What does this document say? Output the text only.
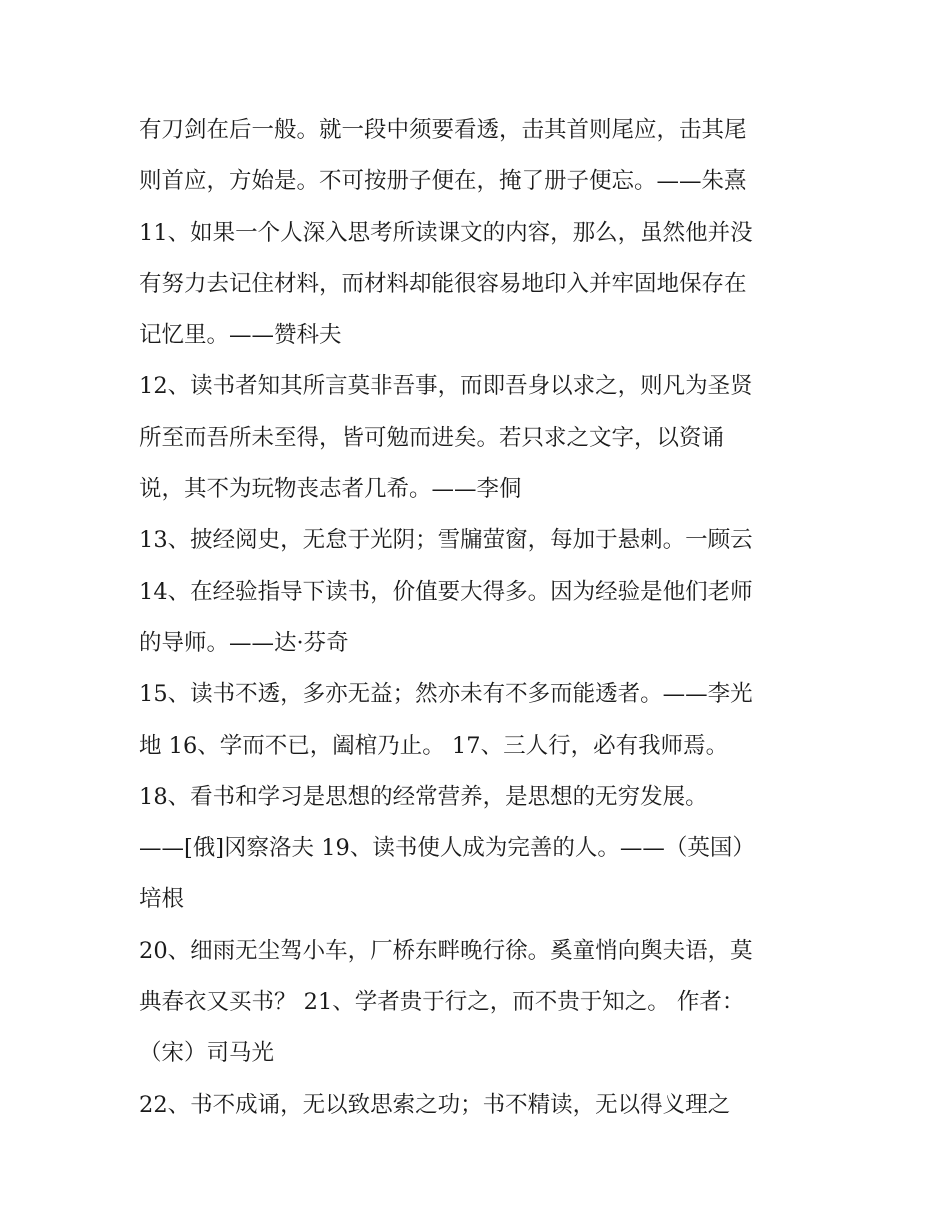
有刀剑在后一般。就一段中须要看透，击其首则尾应，击其尾
则首应，方始是。不可按册子便在，掩了册子便忘。——朱熹
11、如果一个人深入思考所读课文的内容，那么，虽然他并没
有努力去记住材料，而材料却能很容易地印入并牢固地保存在
记忆里。——赞科夫
12、读书者知其所言莫非吾事，而即吾身以求之，则凡为圣贤
所至而吾所未至得，皆可勉而进矣。若只求之文字，以资诵
说，其不为玩物丧志者几希。——李侗
13、披经阅史，无怠于光阴；雪牖萤窗，每加于悬刺。一顾云
14、在经验指导下读书，价值要大得多。因为经验是他们老师
的导师。——达·芬奇
15、读书不透，多亦无益；然亦未有不多而能透者。——李光
地 16、学而不已，阖棺乃止。 17、三人行，必有我师焉。
18、看书和学习是思想的经常营养，是思想的无穷发展。
——[俄]冈察洛夫 19、读书使人成为完善的人。——（英国）
培根
20、细雨无尘驾小车，厂桥东畔晚行徐。奚童悄向舆夫语，莫
典春衣又买书？ 21、学者贵于行之，而不贵于知之。 作者：
（宋）司马光
22、书不成诵，无以致思索之功；书不精读，无以得义理之
